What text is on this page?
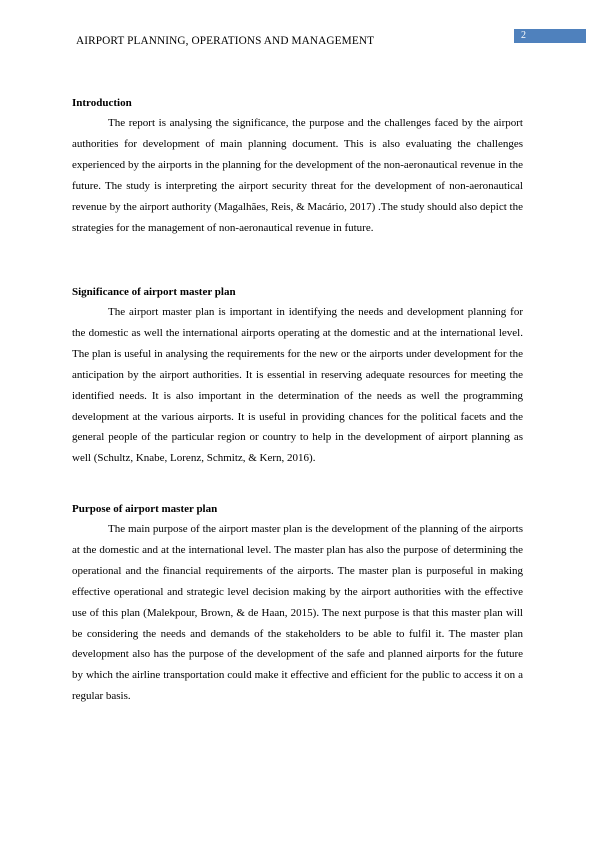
AIRPORT PLANNING, OPERATIONS AND MANAGEMENT	2

Introduction

The report is analysing the significance, the purpose and the challenges faced by the airport authorities for development of main planning document. This is also evaluating the challenges experienced by the airports in the planning for the development of the non-aeronautical revenue in the future. The study is interpreting the airport security threat for the development of non-aeronautical revenue by the airport authority (Magalhães, Reis, & Macário, 2017) .The study should also depict the strategies for the management of non-aeronautical revenue in future.

Significance of airport master plan

The airport master plan is important in identifying the needs and development planning for the domestic as well the international airports operating at the domestic and at the international level. The plan is useful in analysing the requirements for the new or the airports under development for the anticipation by the airport authorities. It is essential in reserving adequate resources for meeting the identified needs. It is also important in the determination of the needs as well the programming development at the various airports. It is useful in providing chances for the political facets and the general people of the particular region or country to help in the development of airport planning as well (Schultz, Knabe, Lorenz, Schmitz, & Kern, 2016).

Purpose of airport master plan

The main purpose of the airport master plan is the development of the planning of the airports at the domestic and at the international level. The master plan has also the purpose of determining the operational and the financial requirements of the airports. The master plan is purposeful in making effective operational and strategic level decision making by the airport authorities with the effective use of this plan (Malekpour, Brown, & de Haan, 2015). The next purpose is that this master plan will be considering the needs and demands of the stakeholders to be able to fulfil it. The master plan development also has the purpose of the development of the safe and planned airports for the future by which the airline transportation could make it effective and efficient for the public to access it on a regular basis.
